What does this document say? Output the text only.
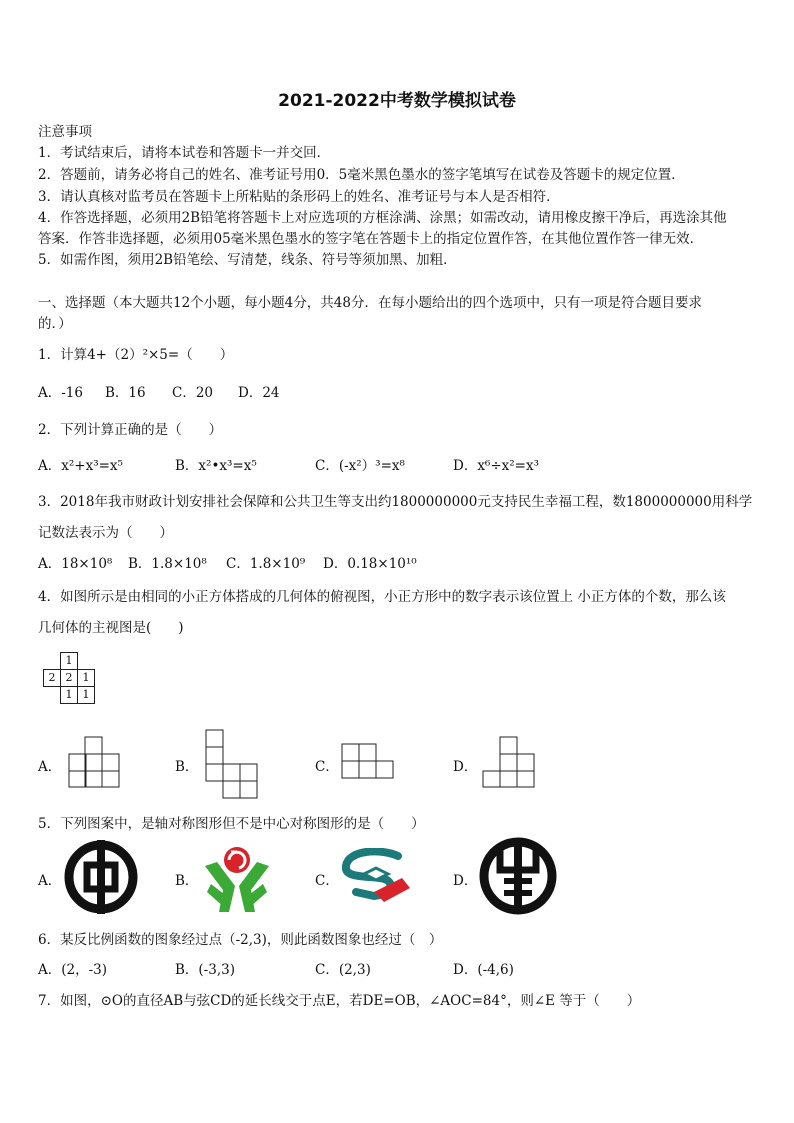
2021-2022中考数学模拟试卷
注意事项
1．考试结束后，请将本试卷和答题卡一并交回．
2．答题前，请务必将自己的姓名、准考证号用0．5毫米黑色墨水的签字笔填写在试卷及答题卡的规定位置．
3．请认真核对监考员在答题卡上所粘贴的条形码上的姓名、准考证号与本人是否相符．
4．作答选择题，必须用2B铅笔将答题卡上对应选项的方框涂满、涂黑；如需改动，请用橡皮擦干净后，再选涂其他
答案．作答非选择题，必须用05毫米黑色墨水的签字笔在答题卡上的指定位置作答，在其他位置作答一律无效．
5．如需作图，须用2B铅笔绘、写清楚，线条、符号等须加黑、加粗．
一、选择题（本大题共12个小题，每小题4分，共48分．在每小题给出的四个选项中，只有一项是符合题目要求
的．）
1．计算4+（2）²×5=（　　）
A．-16 B．16 C．20 D．24
2．下列计算正确的是（　　）
A．x²+x³=x⁵	B．x²•x³=x⁵	C．(-x²）³=x⁸	D．x⁶÷x²=x³
3．2018年我市财政计划安排社会保障和公共卫生等支出约1800000000元支持民生幸福工程，数1800000000用科学
记数法表示为（　　）
A．18×10⁸ B．1.8×10⁸ C．1.8×10⁹ D．0.18×10¹⁰
4．如图所示是由相同的小正方体搭成的几何体的俯视图，小正方形中的数字表示该位置上 小正方体的个数，那么该
几何体的主视图是(　　)
	1	
2	2	1
	1	1
A．	B．	C．	D．
5．下列图案中，是轴对称图形但不是中心对称图形的是（　　）
A．	B．	C．	D．
6．某反比例函数的图象经过点（-2,3)，则此函数图象也经过（　）
A．(2，-3)	B．(-3,3)	C．(2,3)	D．(-4,6)
7．如图，⊙O的直径AB与弦CD的延长线交于点E，若DE=OB，∠AOC=84°，则∠E 等于（　　）
